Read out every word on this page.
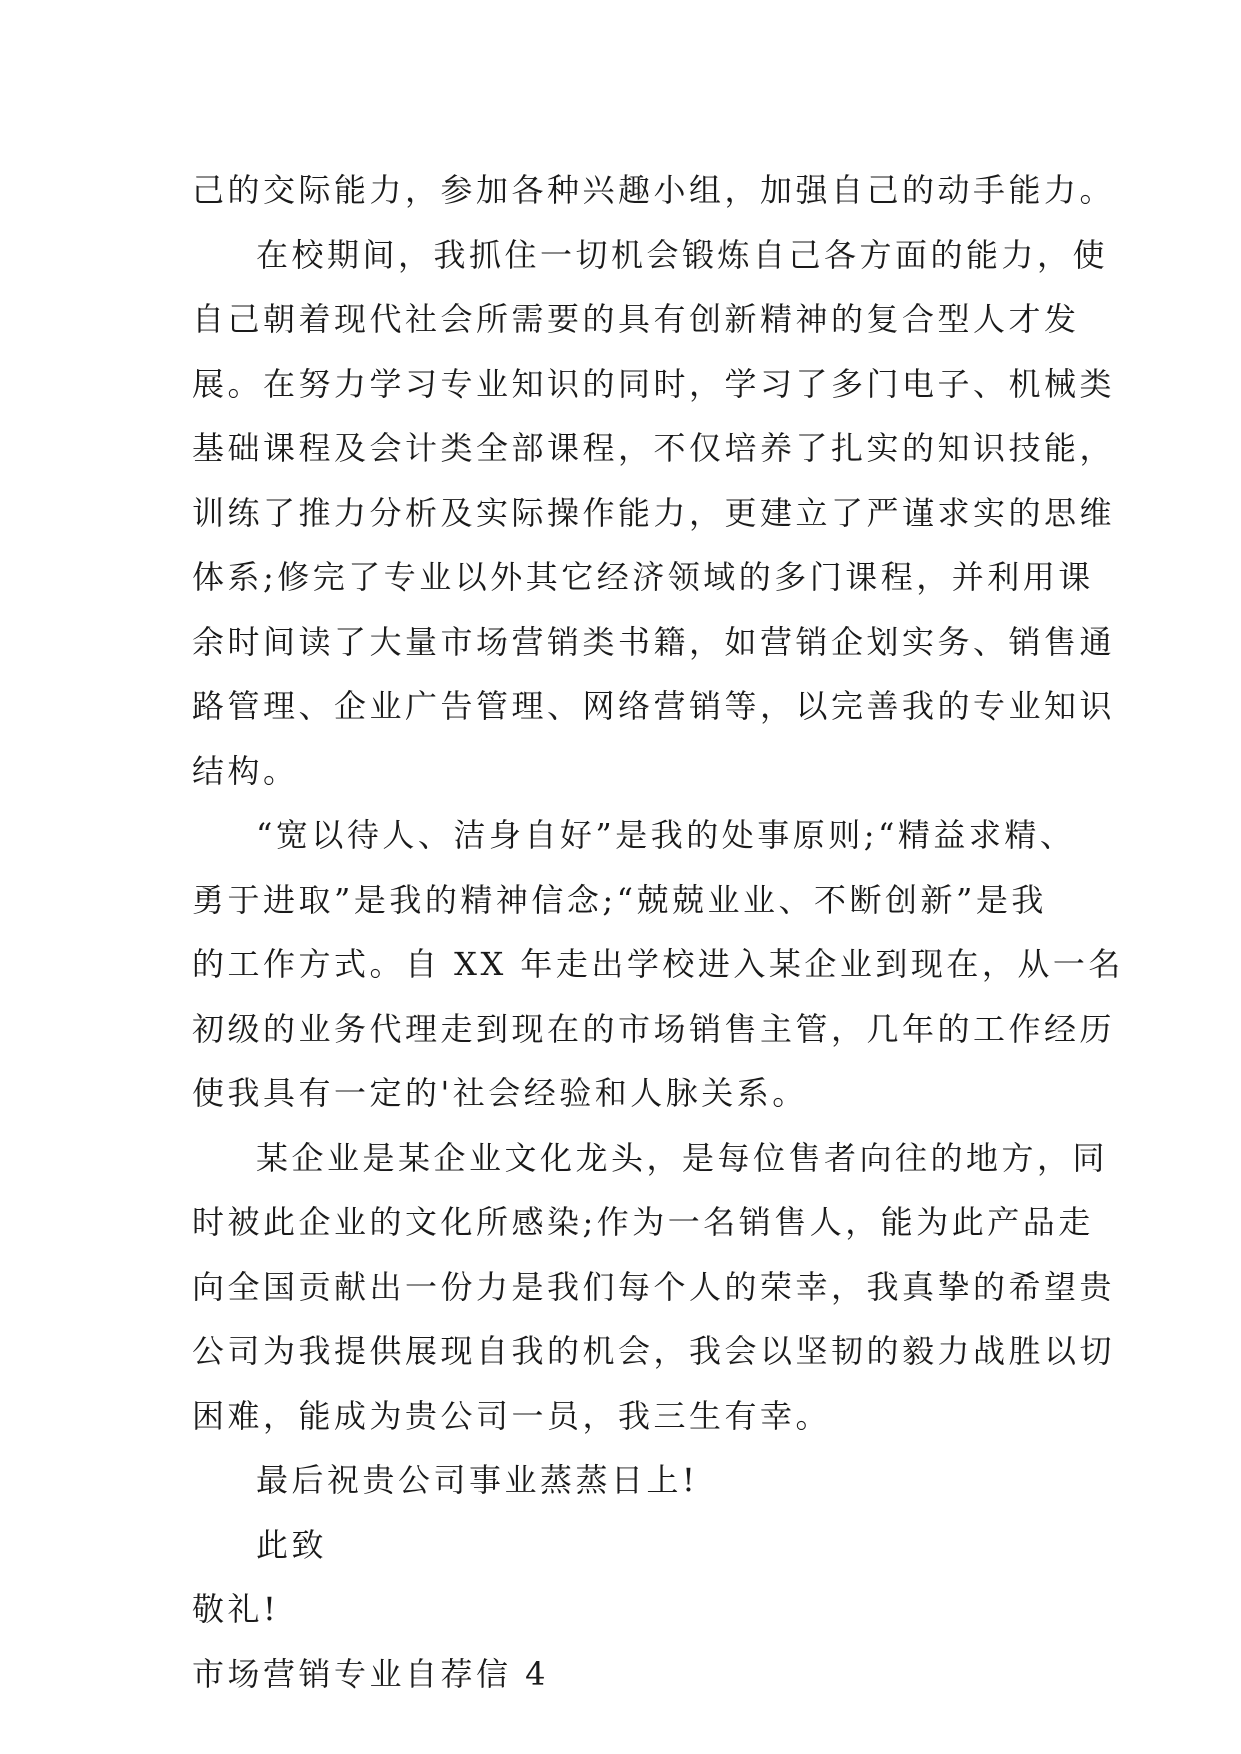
己的交际能力，参加各种兴趣小组，加强自己的动手能力。
在校期间，我抓住一切机会锻炼自己各方面的能力，使
自己朝着现代社会所需要的具有创新精神的复合型人才发
展。在努力学习专业知识的同时，学习了多门电子、机械类
基础课程及会计类全部课程，不仅培养了扎实的知识技能，
训练了推力分析及实际操作能力，更建立了严谨求实的思维
体系;修完了专业以外其它经济领域的多门课程，并利用课
余时间读了大量市场营销类书籍，如营销企划实务、销售通
路管理、企业广告管理、网络营销等，以完善我的专业知识
结构。
“宽以待人、洁身自好”是我的处事原则;“精益求精、
勇于进取”是我的精神信念;“兢兢业业、不断创新”是我
的工作方式。自 XX 年走出学校进入某企业到现在，从一名
初级的业务代理走到现在的市场销售主管，几年的工作经历
使我具有一定的'社会经验和人脉关系。
某企业是某企业文化龙头，是每位售者向往的地方，同
时被此企业的文化所感染;作为一名销售人，能为此产品走
向全国贡献出一份力是我们每个人的荣幸，我真挚的希望贵
公司为我提供展现自我的机会，我会以坚韧的毅力战胜以切
困难，能成为贵公司一员，我三生有幸。
最后祝贵公司事业蒸蒸日上!
此致
敬礼!
市场营销专业自荐信 4
